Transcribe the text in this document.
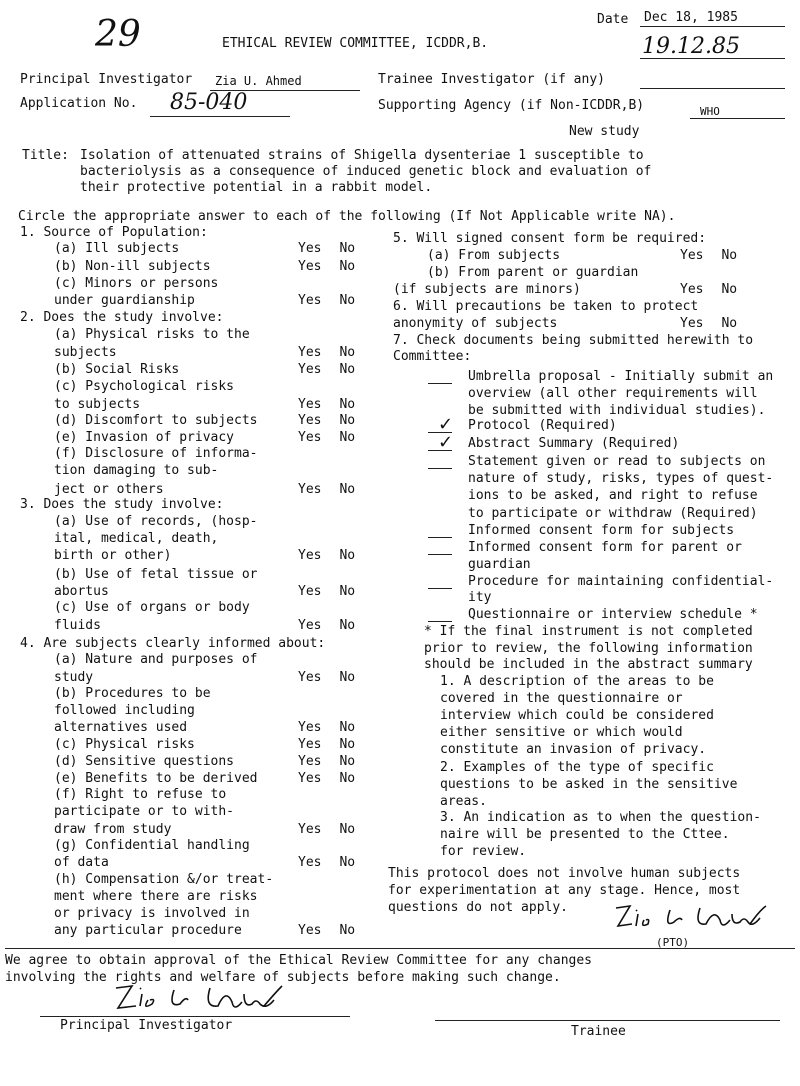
29	ETHICAL REVIEW COMMITTEE, ICDDR,B.
Date Dec 18, 1985
19.12.85
Principal Investigator Zia U. Ahmed	Trainee Investigator (if any)
Application No. 85-040	Supporting Agency (if Non-ICDDR,B)	WHO
New study
Title: Isolation of attenuated strains of Shigella dysenteriae 1 susceptible to
bacteriolysis as a consequence of induced genetic block and evaluation of
their protective potential in a rabbit model.
Circle the appropriate answer to each of the following (If Not Applicable write NA).
1. Source of Population:
(a) Ill subjects	Yes No
(b) Non-ill subjects	Yes No
(c) Minors or persons
under guardianship	Yes No
2. Does the study involve:
(a) Physical risks to the
subjects	Yes No
(b) Social Risks	Yes No
(c) Psychological risks
to subjects	Yes No
(d) Discomfort to subjects	Yes No
(e) Invasion of privacy	Yes No
(f) Disclosure of informa-
tion damaging to sub-
ject or others	Yes No
3. Does the study involve:
(a) Use of records, (hosp-
ital, medical, death,
birth or other)	Yes No
(b) Use of fetal tissue or
abortus	Yes No
(c) Use of organs or body
fluids	Yes No
4. Are subjects clearly informed about:
(a) Nature and purposes of
study	Yes No
(b) Procedures to be
followed including
alternatives used	Yes No
(c) Physical risks	Yes No
(d) Sensitive questions	Yes No
(e) Benefits to be derived	Yes No
(f) Right to refuse to
participate or to with-
draw from study	Yes No
(g) Confidential handling
of data	Yes No
(h) Compensation &/or treat-
ment where there are risks
or privacy is involved in
any particular procedure	Yes No
5. Will signed consent form be required:
(a) From subjects	Yes No
(b) From parent or guardian
(if subjects are minors)	Yes No
6. Will precautions be taken to protect
anonymity of subjects	Yes No
7. Check documents being submitted herewith to
Committee:
Umbrella proposal - Initially submit an
overview (all other requirements will
be submitted with individual studies).
Protocol (Required)
✓
Abstract Summary (Required)
✓
Statement given or read to subjects on
nature of study, risks, types of quest-
ions to be asked, and right to refuse
to participate or withdraw (Required)
Informed consent form for subjects
Informed consent form for parent or
guardian
Procedure for maintaining confidential-
ity
Questionnaire or interview schedule *
* If the final instrument is not completed
prior to review, the following information
should be included in the abstract summary
1. A description of the areas to be
covered in the questionnaire or
interview which could be considered
either sensitive or which would
constitute an invasion of privacy.
2. Examples of the type of specific
questions to be asked in the sensitive
areas.
3. An indication as to when the question-
naire will be presented to the Cttee.
for review.
This protocol does not involve human subjects
for experimentation at any stage. Hence, most
questions do not apply.
(PTO)
We agree to obtain approval of the Ethical Review Committee for any changes
involving the rights and welfare of subjects before making such change.
Principal Investigator	Trainee
